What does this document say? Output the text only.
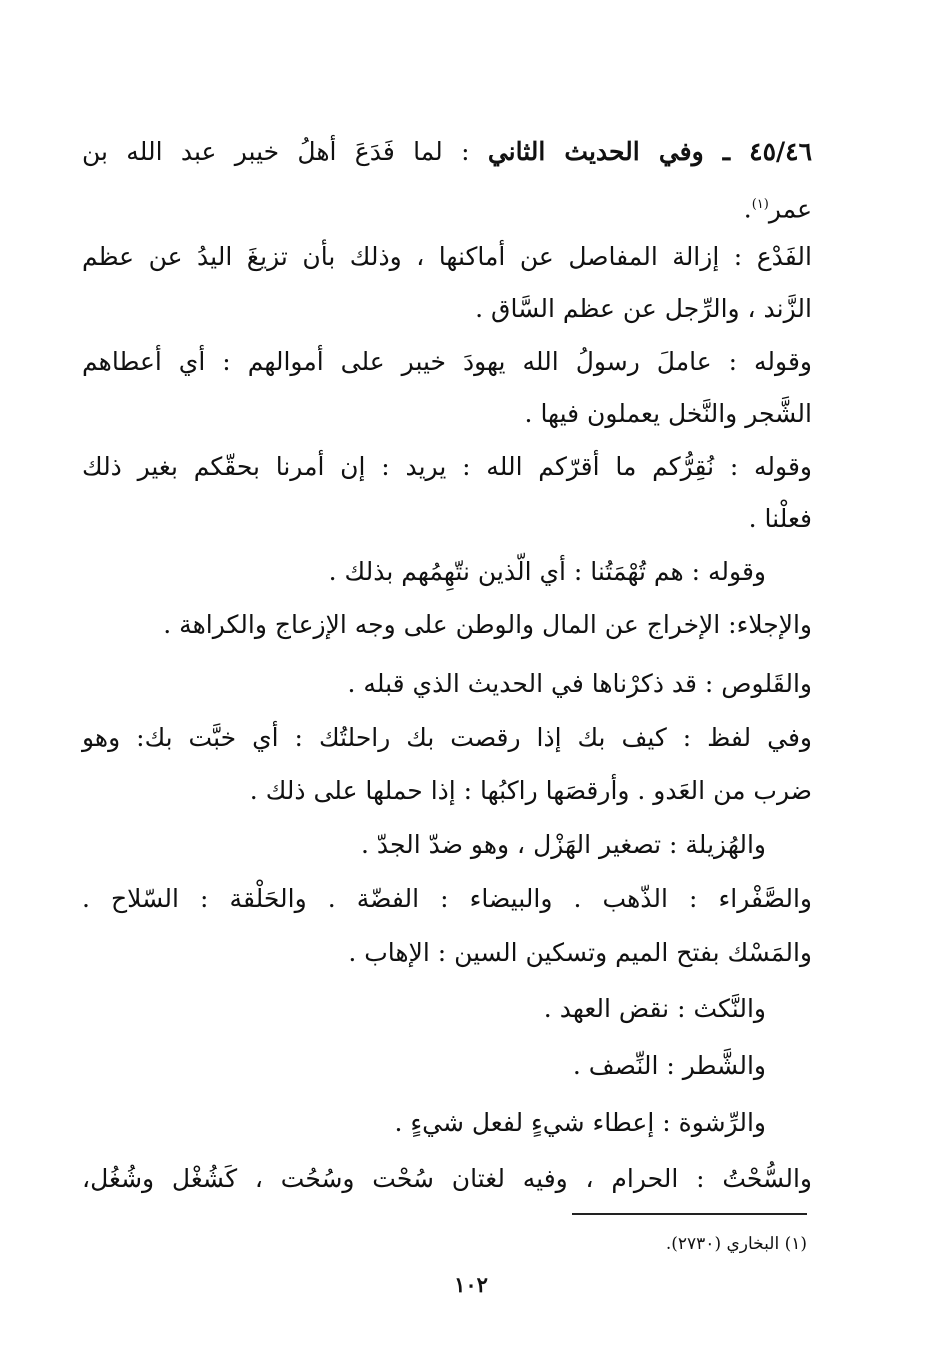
٤٥/٤٦ ـ وفي الحديث الثاني : لما فَدَعَ أهلُ خيبر عبد الله بن
عمر$^{(١)}$.
الفَدْع : إزالة المفاصل عن أماكنها ، وذلك بأن تزيغَ اليدُ عن عظم
الزَّند ، والرِّجل عن عظم السَّاق .
وقوله : عاملَ رسولُ الله يهودَ خيبر على أموالهم : أي أعطاهم
الشَّجر والنَّخل يعملون فيها .
وقوله : نُقِرُّكم ما أقرّكم الله : يريد : إن أمرنا بحقّكم بغير ذلك
فعلْنا .
وقوله : هم تُهْمَتُنا : أي الّذين نتّهِمُهم بذلك .
والإجلاء: الإخراج عن المال والوطن على وجه الإزعاج والكراهة .
والقَلوص : قد ذكرْناها في الحديث الذي قبله .
وفي لفظ : كيف بك إذا رقصت بك راحلتُك : أي خبَّت بك: وهو
ضرب من العَدو . وأرقصَها راكبُها : إذا حملها على ذلك .
والهُزيلة : تصغير الهَزْل ، وهو ضدّ الجدّ .
والصَّفْراء : الذّهب . والبيضاء : الفضّة . والحَلْقة : السّلاح .
والمَسْك بفتح الميم وتسكين السين : الإهاب .
والنَّكث : نقض العهد .
والشَّطر : النِّصف .
والرِّشوة : إعطاء شيءٍ لفعل شيءٍ .
والسُّحْتُ : الحرام ، وفيه لغتان سُحْت وسُحُت ، كَشُغْل وشُغُل،
(١) البخاري (٢٧٣٠).
١٠٢
